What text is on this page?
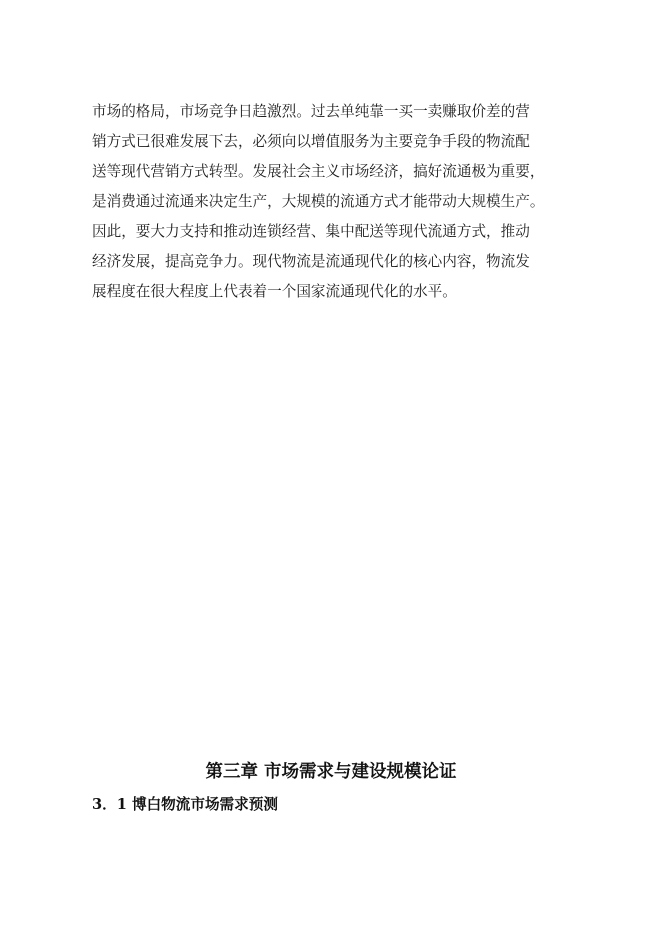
市场的格局，市场竞争日趋激烈。过去单纯靠一买一卖赚取价差的营
销方式已很难发展下去，必须向以增值服务为主要竞争手段的物流配
送等现代营销方式转型。发展社会主义市场经济，搞好流通极为重要，
是消费通过流通来决定生产，大规模的流通方式才能带动大规模生产。
因此，要大力支持和推动连锁经营、集中配送等现代流通方式，推动
经济发展，提高竞争力。现代物流是流通现代化的核心内容，物流发
展程度在很大程度上代表着一个国家流通现代化的水平。
第三章 市场需求与建设规模论证
3．1 博白物流市场需求预测
